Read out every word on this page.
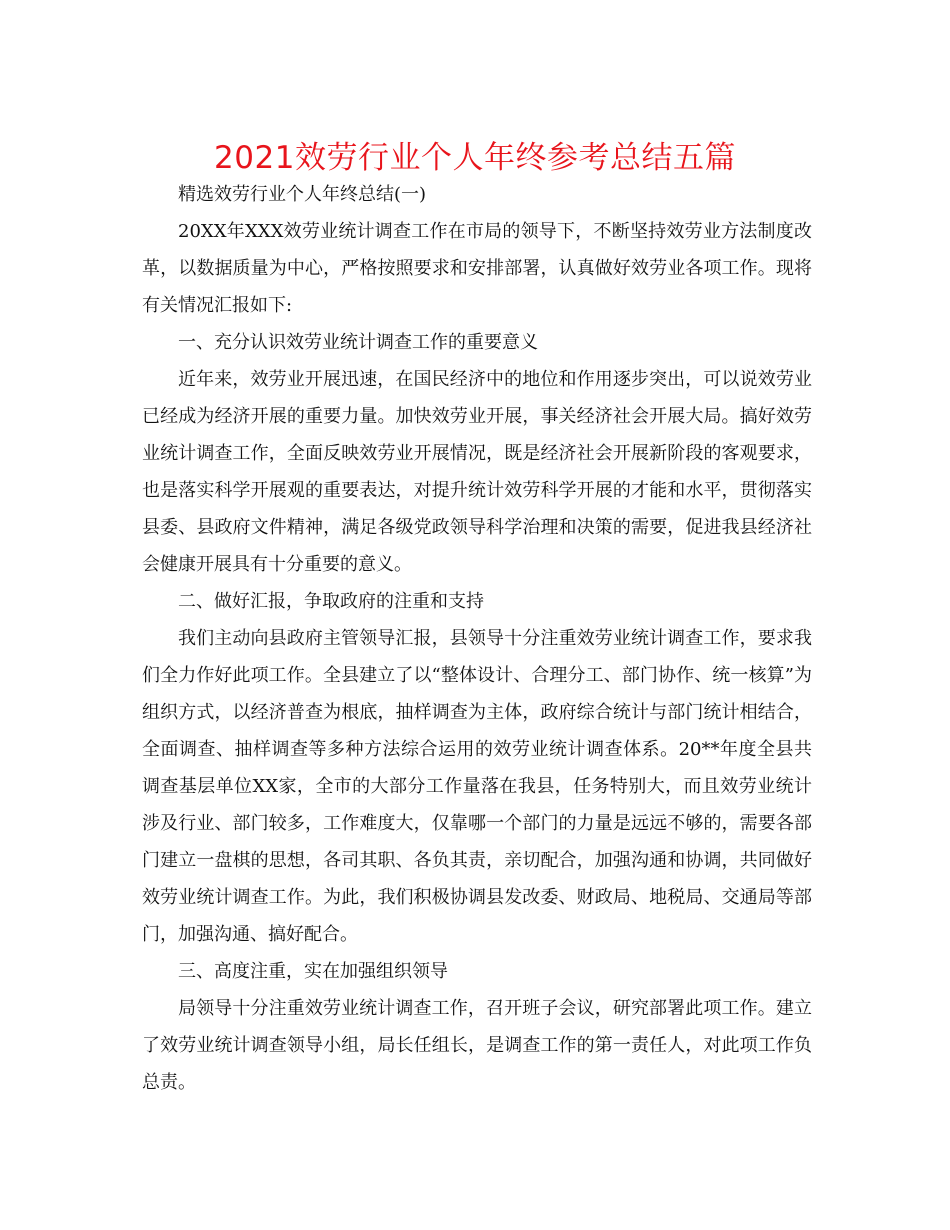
2021效劳行业个人年终参考总结五篇

精选效劳行业个人年终总结(一)

20XX年XXX效劳业统计调查工作在市局的领导下，不断坚持效劳业方法制度改革，以数据质量为中心，严格按照要求和安排部署，认真做好效劳业各项工作。现将有关情况汇报如下:

一、充分认识效劳业统计调查工作的重要意义

近年来，效劳业开展迅速，在国民经济中的地位和作用逐步突出，可以说效劳业已经成为经济开展的重要力量。加快效劳业开展，事关经济社会开展大局。搞好效劳业统计调查工作，全面反映效劳业开展情况，既是经济社会开展新阶段的客观要求，也是落实科学开展观的重要表达，对提升统计效劳科学开展的才能和水平，贯彻落实县委、县政府文件精神，满足各级党政领导科学治理和决策的需要，促进我县经济社会健康开展具有十分重要的意义。

二、做好汇报，争取政府的注重和支持

我们主动向县政府主管领导汇报，县领导十分注重效劳业统计调查工作，要求我们全力作好此项工作。全县建立了以“整体设计、合理分工、部门协作、统一核算”为组织方式，以经济普查为根底，抽样调查为主体，政府综合统计与部门统计相结合，全面调查、抽样调查等多种方法综合运用的效劳业统计调查体系。20**年度全县共调查基层单位XX家，全市的大部分工作量落在我县，任务特别大，而且效劳业统计涉及行业、部门较多，工作难度大，仅靠哪一个部门的力量是远远不够的，需要各部门建立一盘棋的思想，各司其职、各负其责，亲切配合，加强沟通和协调，共同做好效劳业统计调查工作。为此，我们积极协调县发改委、财政局、地税局、交通局等部门，加强沟通、搞好配合。

三、高度注重，实在加强组织领导

局领导十分注重效劳业统计调查工作，召开班子会议，研究部署此项工作。建立了效劳业统计调查领导小组，局长任组长，是调查工作的第一责任人，对此项工作负总责。
